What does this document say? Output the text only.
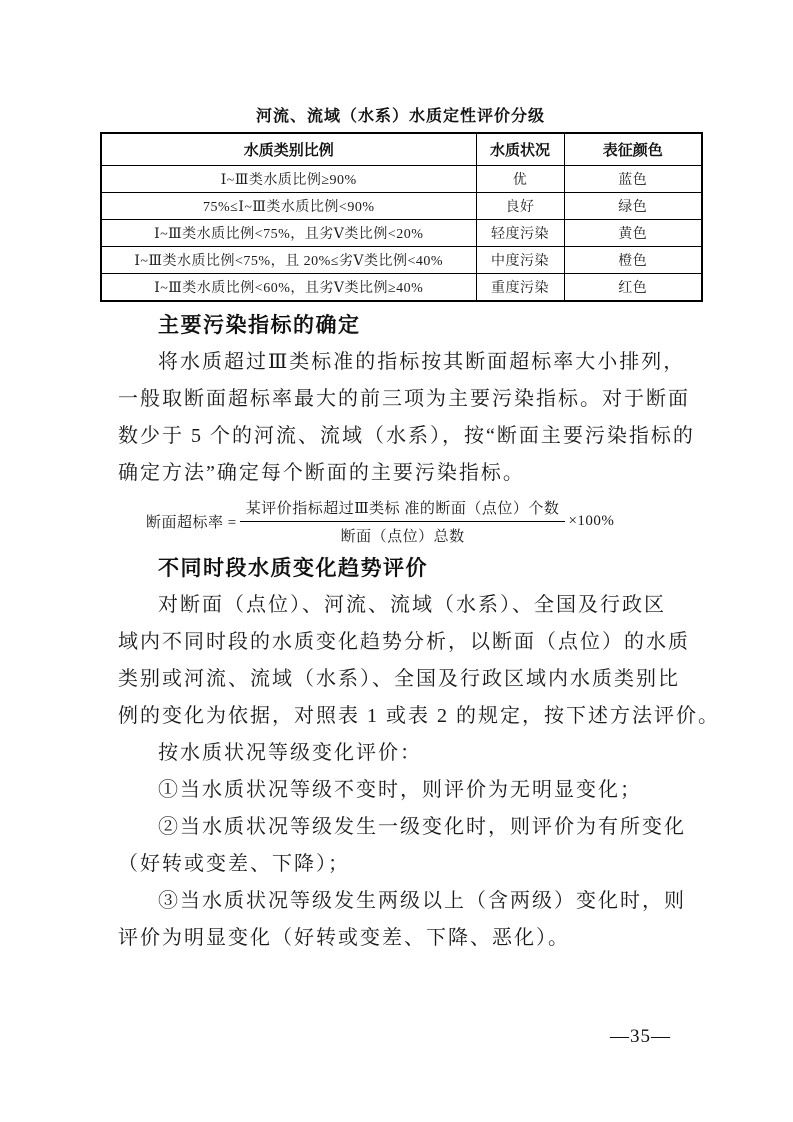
河流、流域（水系）水质定性评价分级
水质类别比例	水质状况	表征颜色
Ⅰ~Ⅲ类水质比例≥90%	优	蓝色
75%≤Ⅰ~Ⅲ类水质比例<90%	良好	绿色
Ⅰ~Ⅲ类水质比例<75%，且劣Ⅴ类比例<20%	轻度污染	黄色
Ⅰ~Ⅲ类水质比例<75%，且 20%≤劣Ⅴ类比例<40%	中度污染	橙色
Ⅰ~Ⅲ类水质比例<60%，且劣Ⅴ类比例≥40%	重度污染	红色
主要污染指标的确定
将水质超过Ⅲ类标准的指标按其断面超标率大小排列，
一般取断面超标率最大的前三项为主要污染指标。对于断面
数少于 5 个的河流、流域（水系），按“断面主要污染指标的
确定方法”确定每个断面的主要污染指标。
断面超标率 = $\frac{\text{某评价指标超过Ⅲ类标 准的断面（点位）个数}}{\text{断面（点位）总数}} \times 100\%$
不同时段水质变化趋势评价
对断面（点位）、河流、流域（水系）、全国及行政区
域内不同时段的水质变化趋势分析，以断面（点位）的水质
类别或河流、流域（水系）、全国及行政区域内水质类别比
例的变化为依据，对照表 1 或表 2 的规定，按下述方法评价。
按水质状况等级变化评价：
①当水质状况等级不变时，则评价为无明显变化；
②当水质状况等级发生一级变化时，则评价为有所变化
（好转或变差、下降）；
③当水质状况等级发生两级以上（含两级）变化时，则
评价为明显变化（好转或变差、下降、恶化）。
—35—
